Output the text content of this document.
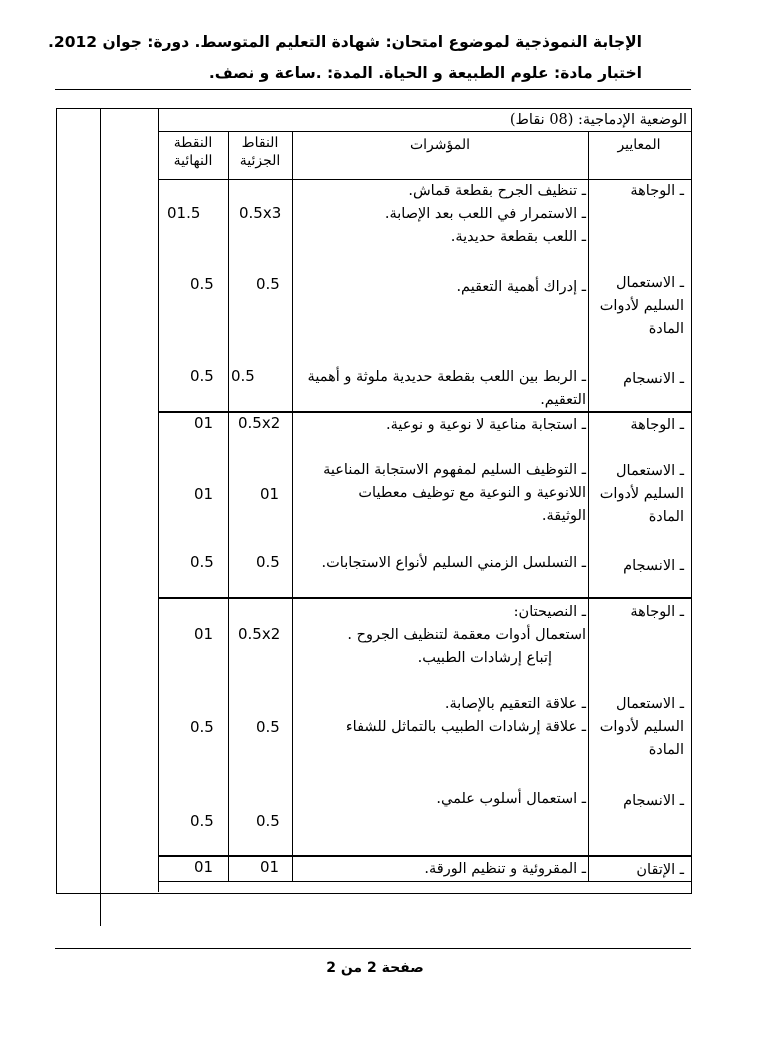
الإجابة النموذجية لموضوع امتحان: شهادة التعليم المتوسط. دورة: جوان 2012.
اختبار مادة: علوم الطبيعة و الحياة. المدة: .ساعة و نصف.
الوضعية الإدماجية: (08 نقاط)
المعايير
المؤشرات
النقاط
الجزئية
النقطة
النهائية
ـ الوجاهة
ـ تنظيف الجرح بقطعة قماش.
ـ الاستمرار في اللعب بعد الإصابة.
ـ اللعب بقطعة حديدية.
0.5x3
01.5
ـ الاستعمال
السليم لأدوات
المادة
ـ إدراك أهمية التعقيم.
0.5
0.5
ـ الانسجام
ـ الربط بين اللعب بقطعة حديدية ملوثة و أهمية
التعقيم.
0.5
0.5
ـ الوجاهة
ـ استجابة مناعية لا نوعية و نوعية.
0.5x2
01
ـ الاستعمال
السليم لأدوات
المادة
ـ التوظيف السليم لمفهوم الاستجابة المناعية
اللانوعية و النوعية مع توظيف معطيات
الوثيقة.
01
01
ـ الانسجام
ـ التسلسل الزمني السليم لأنواع الاستجابات.
0.5
0.5
ـ الوجاهة
ـ النصيحتان:
استعمال أدوات معقمة لتنظيف الجروح .
إتباع إرشادات الطبيب.
0.5x2
01
ـ الاستعمال
السليم لأدوات
المادة
ـ علاقة التعقيم بالإصابة.
ـ علاقة إرشادات الطبيب بالتماثل للشفاء
0.5
0.5
ـ الانسجام
ـ استعمال أسلوب علمي.
0.5
0.5
ـ الإتقان
ـ المقروئية و تنظيم الورقة.
01
01
صفحة 2 من 2
